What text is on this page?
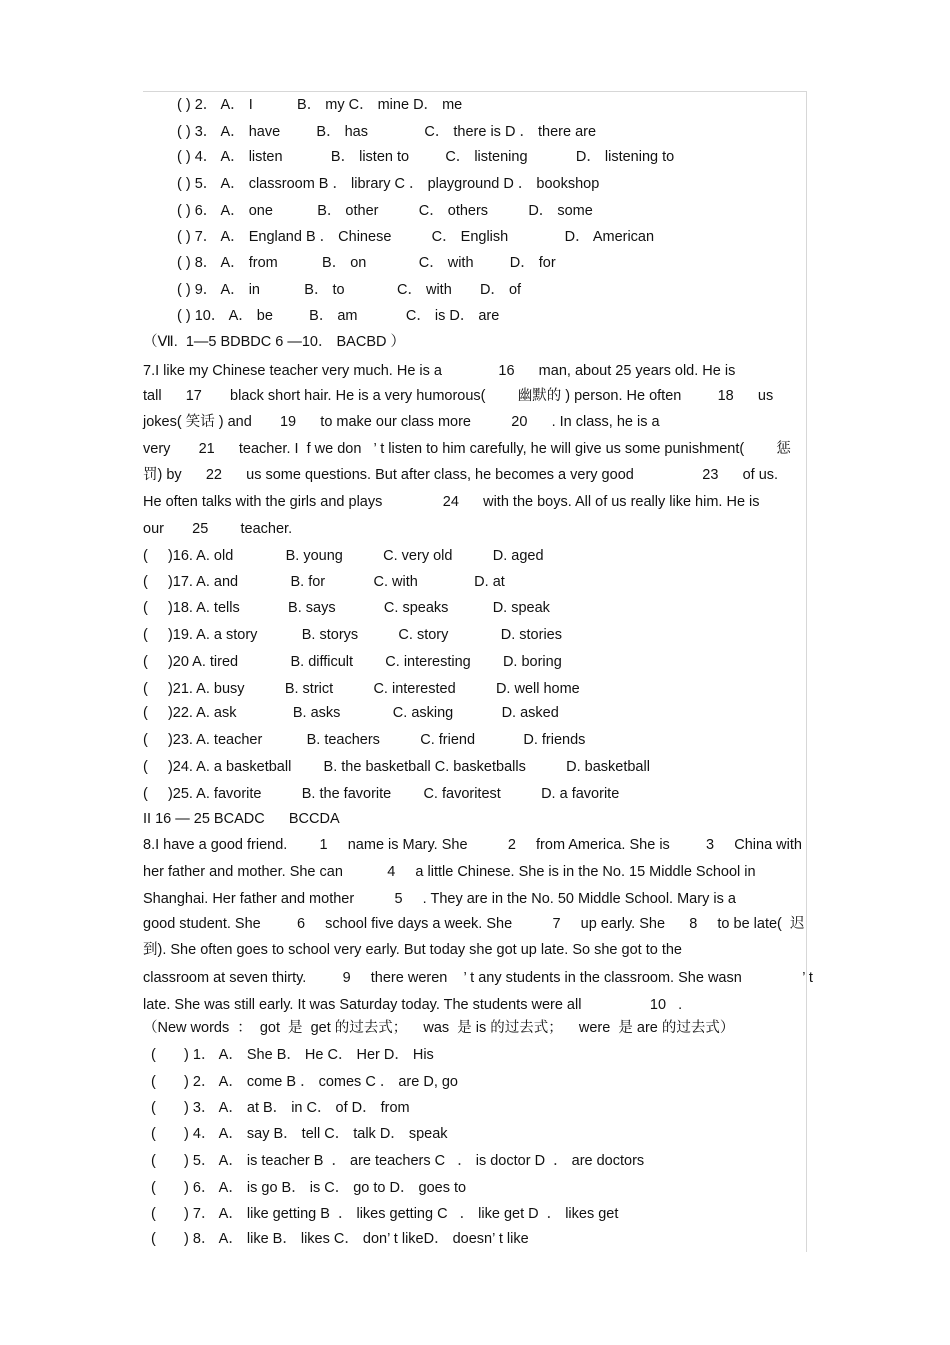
( ) 2． A． I           B． my C． mine D． me
( ) 3． A． have         B． has              C． there is D ． there are
( ) 4． A． listen            B． listen to         C． listening            D． listening to
( ) 5． A． classroom B ． library C ． playground D ． bookshop
( ) 6． A． one           B． other          C． others          D． some
( ) 7． A． England B ． Chinese          C． English              D． American
( ) 8． A． from           B． on             C． with         D． for
( ) 9． A． in           B． to             C． with       D． of
( ) 10． A． be         B． am            C． is D． are
（Ⅶ.  1—5 BDBDC 6 —10． BACBD ）
7.I like my Chinese teacher very much. He is a              16      man, about 25 years old. He is
tall      17       black short hair. He is a very humorous(        幽默的 ) person. He often         18      us
jokes( 笑话 ) and       19      to make our class more          20      . In class, he is a
very       21      teacher. I  f we don   ’ t listen to him carefully, he will give us some punishment(        惩
罚) by      22      us some questions. But after class, he becomes a very good                 23      of us.
He often talks with the girls and plays               24      with the boys. All of us really like him. He is
our       25        teacher.
(     )16. A. old             B. young          C. very old          D. aged
(     )17. A. and             B. for            C. with              D. at
(     )18. A. tells            B. says            C. speaks           D. speak
(     )19. A. a story           B. storys          C. story             D. stories
(     )20 A. tired             B. difficult        C. interesting        D. boring
(     )21. A. busy          B. strict          C. interested          D. well home
(     )22. A. ask              B. asks             C. asking            D. asked
(     )23. A. teacher           B. teachers          C. friend            D. friends
(     )24. A. a basketball        B. the basketball C. basketballs          D. basketball
(     )25. A. favorite          B. the favorite        C. favoritest          D. a favorite
II 16 — 25 BCADC      BCCDA
8.I have a good friend.        1     name is Mary. She          2     from America. She is         3     China with
her father and mother. She can           4     a little Chinese. She is in the No. 15 Middle School in
Shanghai. Her father and mother          5     . They are in the No. 50 Middle School. Mary is a
good student. She         6     school five days a week. She          7     up early. She      8     to be late(  迟
到). She often goes to school very early. But today she got up late. So she got to the
classroom at seven thirty.         9     there weren    ’ t any students in the classroom. She wasn               ’ t
late. She was still early. It was Saturday today. The students were all                 10   .
（New words  ：  got  是  get 的过去式；    was  是 is 的过去式；    were  是 are 的过去式）
(       ) 1． A． She B． He C． Her D． His
(       ) 2． A． come B ． comes C ． are D, go
(       ) 3． A． at B． in C． of D． from
(       ) 4． A． say B． tell C． talk D． speak
(       ) 5． A． is teacher B  ． are teachers C   ． is doctor D  ． are doctors
(       ) 6． A． is go B． is C． go to D． goes to
(       ) 7． A． like getting B  ． likes getting C   ． like get D  ． likes get
(       ) 8． A． like B． likes C． don’ t likeD． doesn’ t like
